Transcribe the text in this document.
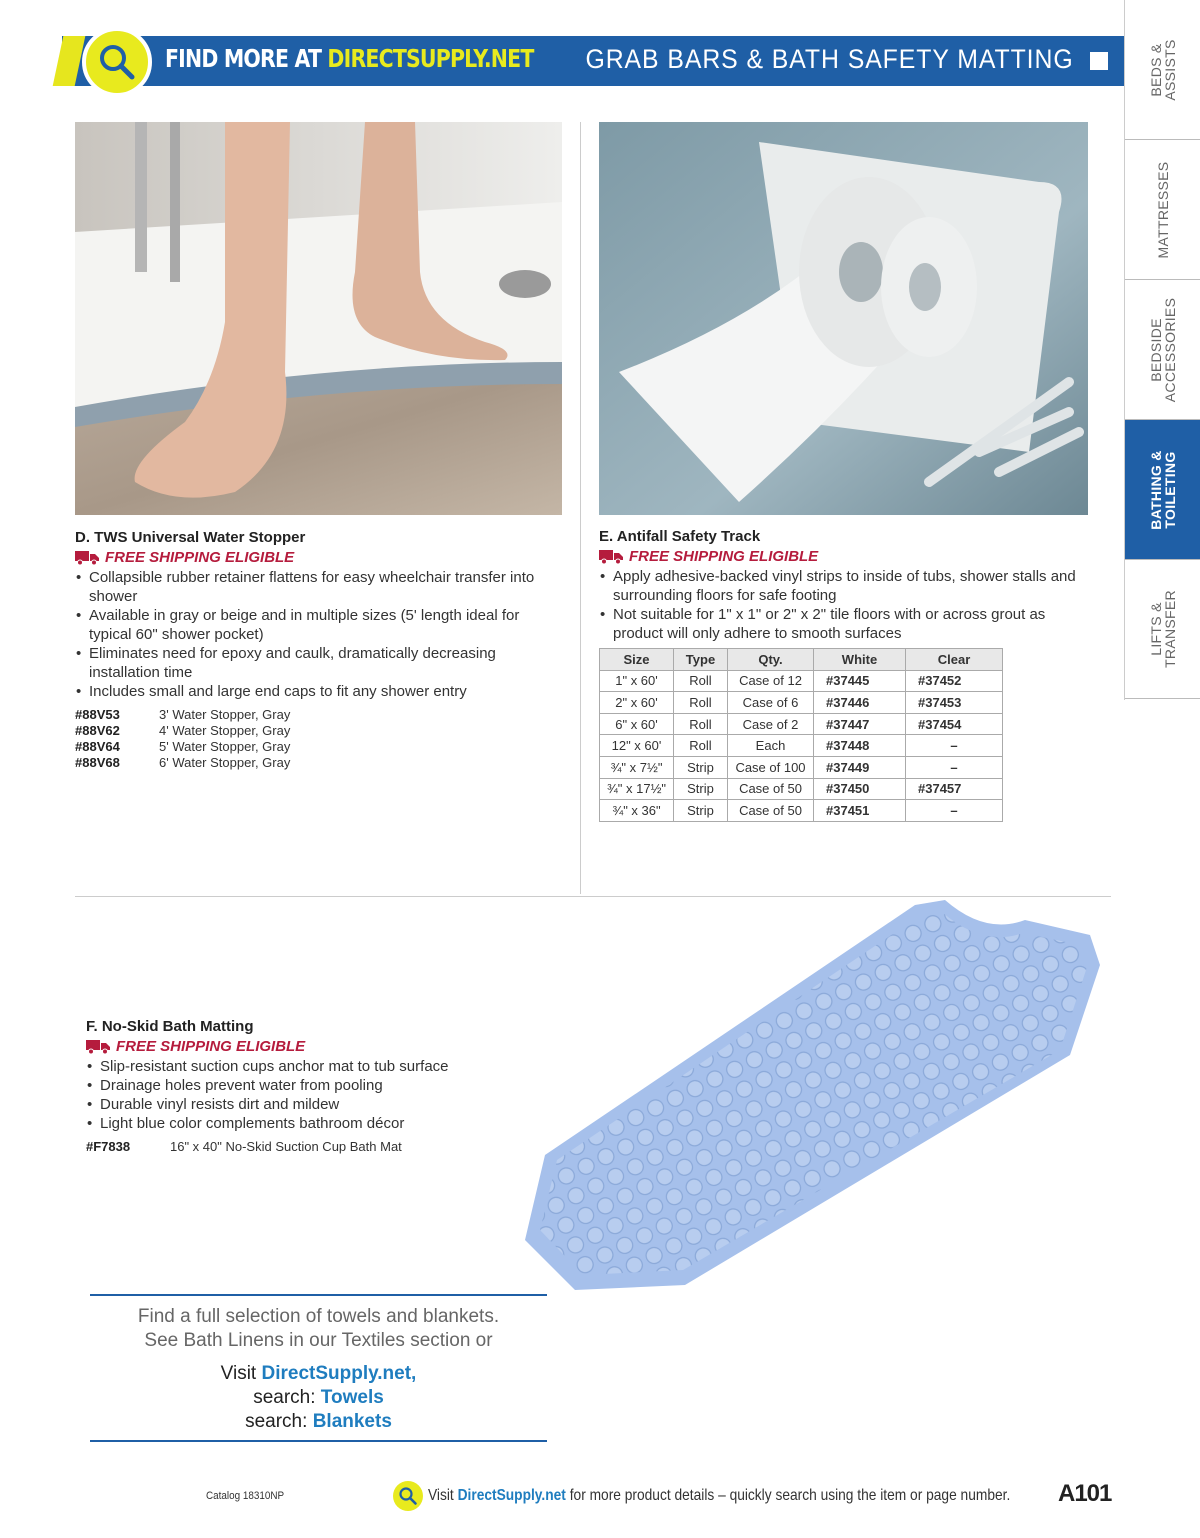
FIND MORE AT DIRECTSUPPLY.NET GRAB BARS & BATH SAFETY MATTING	BEDS &
ASSISTS
MATTRESSES
BEDSIDE
ACCESSORIES
BATHING &
TOILETING
LIFTS &
TRANSFER
D. TWS Universal Water Stopper
FREE SHIPPING ELIGIBLE
• Collapsible rubber retainer flattens for easy wheelchair transfer into shower
• Available in gray or beige and in multiple sizes (5' length ideal for typical 60" shower pocket)
• Eliminates need for epoxy and caulk, dramatically decreasing installation time
• Includes small and large end caps to fit any shower entry
#88V53	3' Water Stopper, Gray
#88V62	4' Water Stopper, Gray
#88V64	5' Water Stopper, Gray
#88V68	6' Water Stopper, Gray
E. Antifall Safety Track
FREE SHIPPING ELIGIBLE
• Apply adhesive-backed vinyl strips to inside of tubs, shower stalls and surrounding floors for safe footing
• Not suitable for 1" x 1" or 2" x 2" tile floors with or across grout as product will only adhere to smooth surfaces
Size	Type	Qty.	White	Clear
1" x 60'	Roll	Case of 12	#37445	#37452
2" x 60'	Roll	Case of 6	#37446	#37453
6" x 60'	Roll	Case of 2	#37447	#37454
12" x 60'	Roll	Each	#37448	–
¾" x 7½"	Strip	Case of 100	#37449	–
¾" x 17½"	Strip	Case of 50	#37450	#37457
¾" x 36"	Strip	Case of 50	#37451	–
F. No-Skid Bath Matting
FREE SHIPPING ELIGIBLE
• Slip-resistant suction cups anchor mat to tub surface
• Drainage holes prevent water from pooling
• Durable vinyl resists dirt and mildew
• Light blue color complements bathroom décor
#F7838	16" x 40" No-Skid Suction Cup Bath Mat
Find a full selection of towels and blankets.
See Bath Linens in our Textiles section or
Visit DirectSupply.net,
search: Towels
search: Blankets
Catalog 18310NP	Visit DirectSupply.net for more product details – quickly search using the item or page number. A101
